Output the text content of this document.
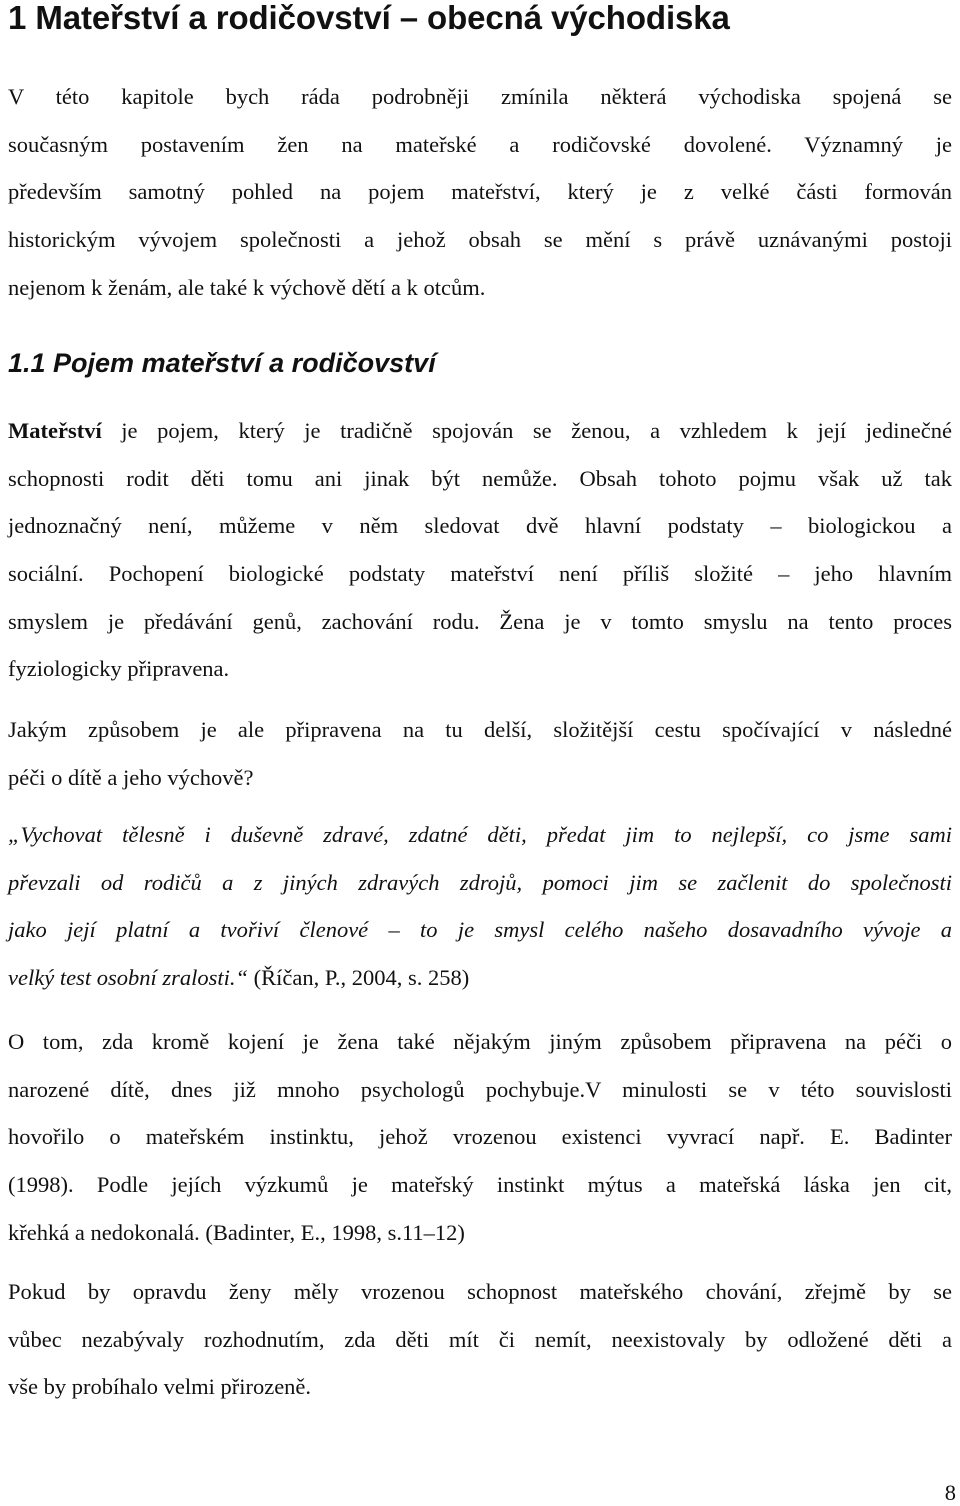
1 Mateřství a rodičovství – obecná východiska
V této kapitole bych ráda podrobněji zmínila některá východiska spojená se
současným postavením žen na mateřské a rodičovské dovolené. Významný je
především samotný pohled na pojem mateřství, který je z velké části formován
historickým vývojem společnosti a jehož obsah se mění s právě uznávanými postoji
nejenom k ženám, ale také k výchově dětí a k otcům.
1.1 Pojem mateřství a rodičovství
Mateřství je pojem, který je tradičně spojován se ženou, a vzhledem k její jedinečné
schopnosti rodit děti tomu ani jinak být nemůže. Obsah tohoto pojmu však už tak
jednoznačný není, můžeme v něm sledovat dvě hlavní podstaty – biologickou a
sociální. Pochopení biologické podstaty mateřství není příliš složité – jeho hlavním
smyslem je předávání genů, zachování rodu. Žena je v tomto smyslu na tento proces
fyziologicky připravena.
Jakým způsobem je ale připravena na tu delší, složitější cestu spočívající v následné
péči o dítě a jeho výchově?
„Vychovat tělesně i duševně zdravé, zdatné děti, předat jim to nejlepší, co jsme sami
převzali od rodičů a z jiných zdravých zdrojů, pomoci jim se začlenit do společnosti
jako její platní a tvořiví členové – to je smysl celého našeho dosavadního vývoje a
velký test osobní zralosti.“ (Říčan, P., 2004, s. 258)
O tom, zda kromě kojení je žena také nějakým jiným způsobem připravena na péči o
narozené dítě, dnes již mnoho psychologů pochybuje.V minulosti se v této souvislosti
hovořilo o mateřském instinktu, jehož vrozenou existenci vyvrací např. E. Badinter
(1998). Podle jejích výzkumů je mateřský instinkt mýtus a mateřská láska jen cit,
křehká a nedokonalá. (Badinter, E., 1998, s.11–12)
Pokud by opravdu ženy měly vrozenou schopnost mateřského chování, zřejmě by se
vůbec nezabývaly rozhodnutím, zda děti mít či nemít, neexistovaly by odložené děti a
vše by probíhalo velmi přirozeně.
8
